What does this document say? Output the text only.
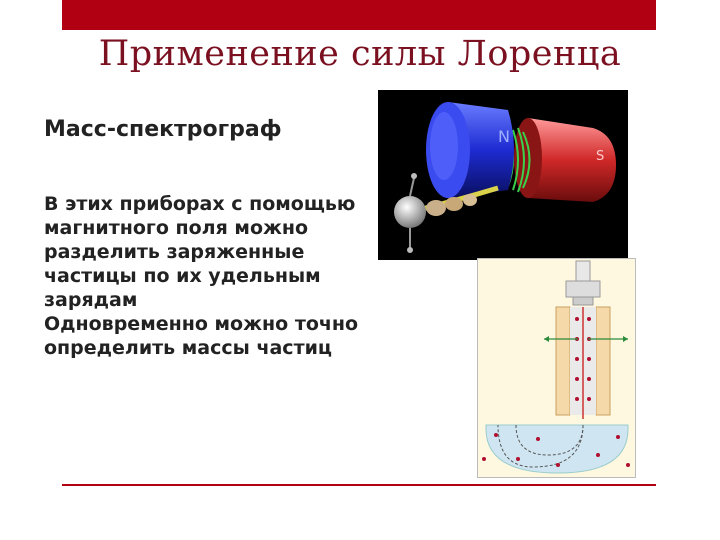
Применение силы Лоренца
Масс-спектрограф

В этих приборах с помощью магнитного поля можно разделить заряженные частицы по их удельным зарядам

Одновременно можно точно определить массы частиц

N
S
